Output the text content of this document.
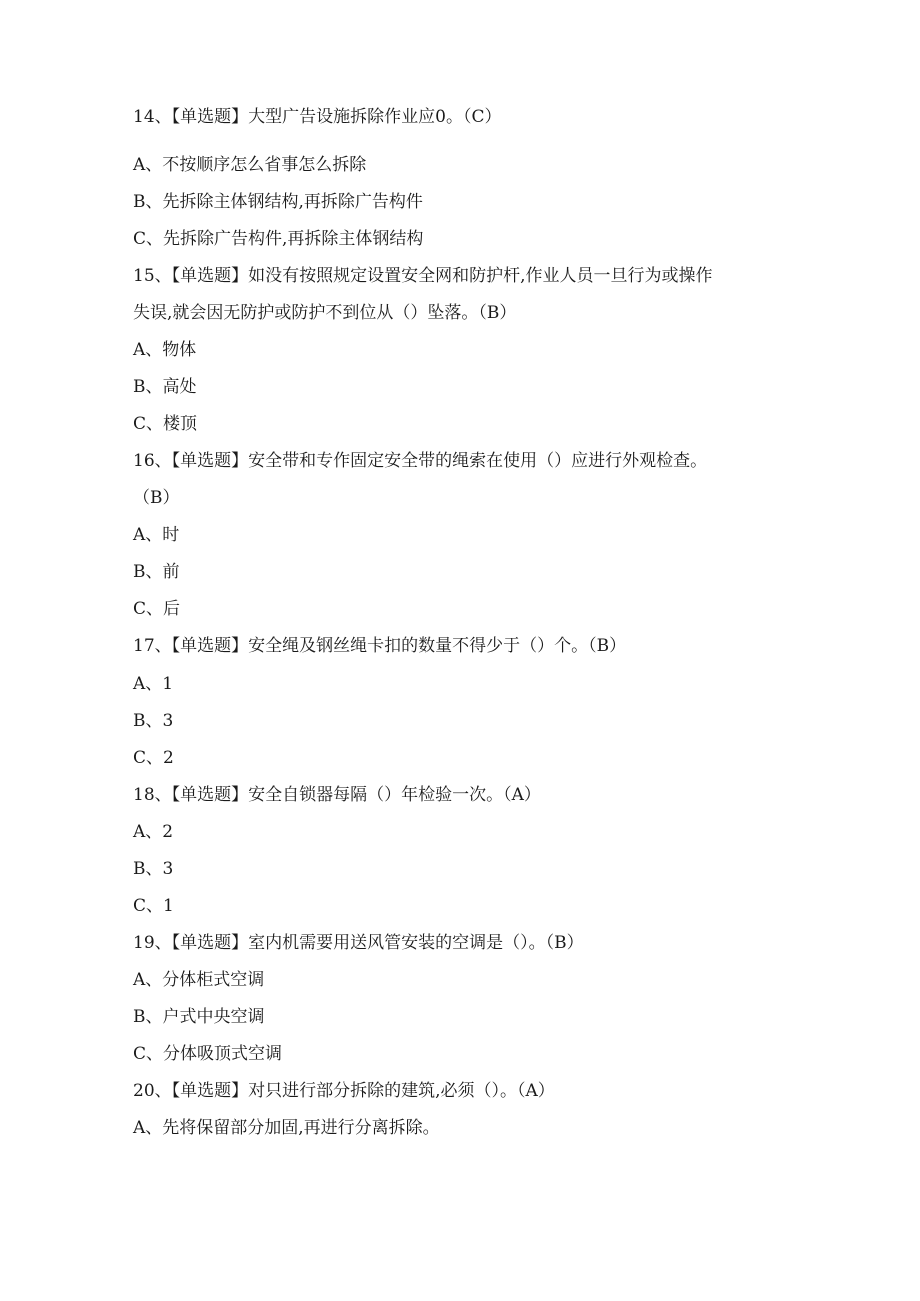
14、【单选题】大型广告设施拆除作业应0。（C）
A、不按顺序怎么省事怎么拆除
B、先拆除主体钢结构,再拆除广告构件
C、先拆除广告构件,再拆除主体钢结构
15、【单选题】如没有按照规定设置安全网和防护杆,作业人员一旦行为或操作
失误,就会因无防护或防护不到位从（）坠落。（B）
A、物体
B、高处
C、楼顶
16、【单选题】安全带和专作固定安全带的绳索在使用（）应进行外观检查。
（B）
A、时
B、前
C、后
17、【单选题】安全绳及钢丝绳卡扣的数量不得少于（）个。（B）
A、1
B、3
C、2
18、【单选题】安全自锁器每隔（）年检验一次。（A）
A、2
B、3
C、1
19、【单选题】室内机需要用送风管安装的空调是（）。（B）
A、分体柜式空调
B、户式中央空调
C、分体吸顶式空调
20、【单选题】对只进行部分拆除的建筑,必须（）。（A）
A、先将保留部分加固,再进行分离拆除。
